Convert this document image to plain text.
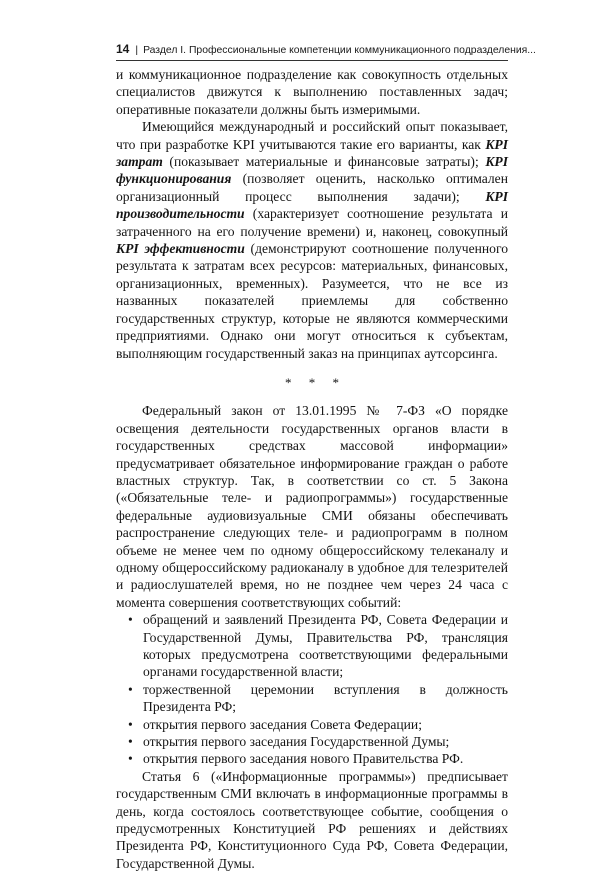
14 | Раздел I. Профессиональные компетенции коммуникационного подразделения...

и коммуникационное подразделение как совокупность отдельных специалистов движутся к выполнению поставленных задач; оперативные показатели должны быть измеримыми.

Имеющийся международный и российский опыт показывает, что при разработке KPI учитываются такие его варианты, как KPI затрат (показывает материальные и финансовые затраты); KPI функционирования (позволяет оценить, насколько оптимален организационный процесс выполнения задачи); KPI производительности (характеризует соотношение результата и затраченного на его получение времени) и, наконец, совокупный KPI эффективности (демонстрируют соотношение полученного результата к затратам всех ресурсов: материальных, финансовых, организационных, временных). Разумеется, что не все из названных показателей приемлемы для собственно государственных структур, которые не являются коммерческими предприятиями. Однако они могут относиться к субъектам, выполняющим государственный заказ на принципах аутсорсинга.

* * *

Федеральный закон от 13.01.1995 № 7-ФЗ «О порядке освещения деятельности государственных органов власти в государственных средствах массовой информации» предусматривает обязательное информирование граждан о работе властных структур. Так, в соответствии со ст. 5 Закона («Обязательные теле- и радиопрограммы») государственные федеральные аудиовизуальные СМИ обязаны обеспечивать распространение следующих теле- и радиопрограмм в полном объеме не менее чем по одному общероссийскому телеканалу и одному общероссийскому радиоканалу в удобное для телезрителей и радиослушателей время, но не позднее чем через 24 часа с момента совершения соответствующих событий:

• обращений и заявлений Президента РФ, Совета Федерации и Государственной Думы, Правительства РФ, трансляция которых предусмотрена соответствующими федеральными органами государственной власти;
• торжественной церемонии вступления в должность Президента РФ;
• открытия первого заседания Совета Федерации;
• открытия первого заседания Государственной Думы;
• открытия первого заседания нового Правительства РФ.

Статья 6 («Информационные программы») предписывает государственным СМИ включать в информационные программы в день, когда состоялось соответствующее событие, сообщения о предусмотренных Конституцией РФ решениях и действиях Президента РФ, Конституционного Суда РФ, Совета Федерации, Государственной Думы.
